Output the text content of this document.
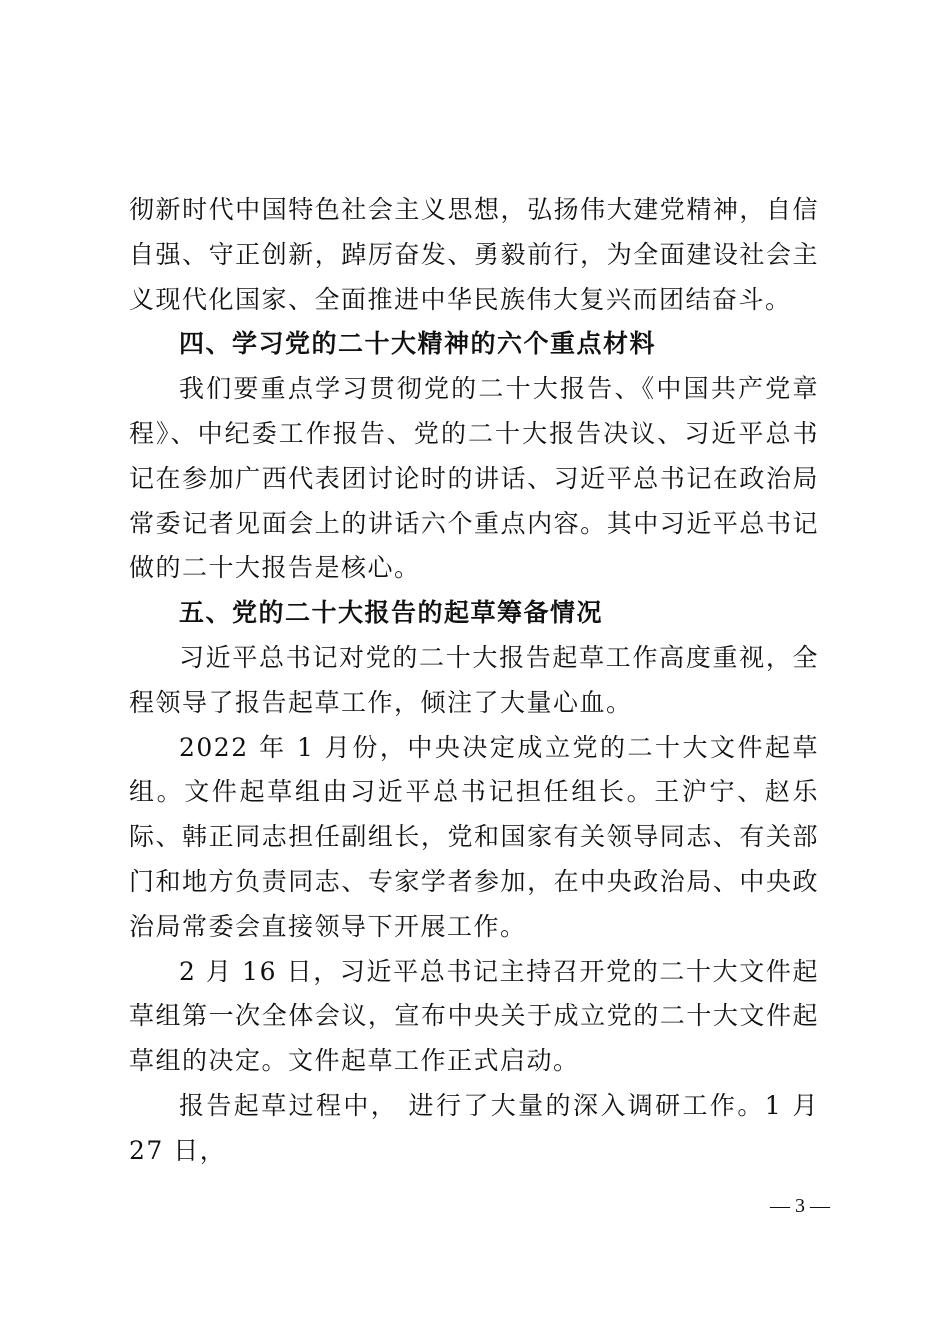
彻新时代中国特色社会主义思想，弘扬伟大建党精神，自信自强、守正创新，踔厉奋发、勇毅前行，为全面建设社会主义现代化国家、全面推进中华民族伟大复兴而团结奋斗。

四、学习党的二十大精神的六个重点材料

我们要重点学习贯彻党的二十大报告、《中国共产党章程》、中纪委工作报告、党的二十大报告决议、习近平总书记在参加广西代表团讨论时的讲话、习近平总书记在政治局常委记者见面会上的讲话六个重点内容。其中习近平总书记做的二十大报告是核心。

五、党的二十大报告的起草筹备情况

习近平总书记对党的二十大报告起草工作高度重视，全程领导了报告起草工作，倾注了大量心血。

2022 年 1 月份，中央决定成立党的二十大文件起草组。文件起草组由习近平总书记担任组长。王沪宁、赵乐际、韩正同志担任副组长，党和国家有关领导同志、有关部门和地方负责同志、专家学者参加，在中央政治局、中央政治局常委会直接领导下开展工作。

2 月 16 日，习近平总书记主持召开党的二十大文件起草组第一次全体会议，宣布中央关于成立党的二十大文件起草组的决定。文件起草工作正式启动。

报告起草过程中， 进行了大量的深入调研工作。1 月 27 日，

— 3 —
